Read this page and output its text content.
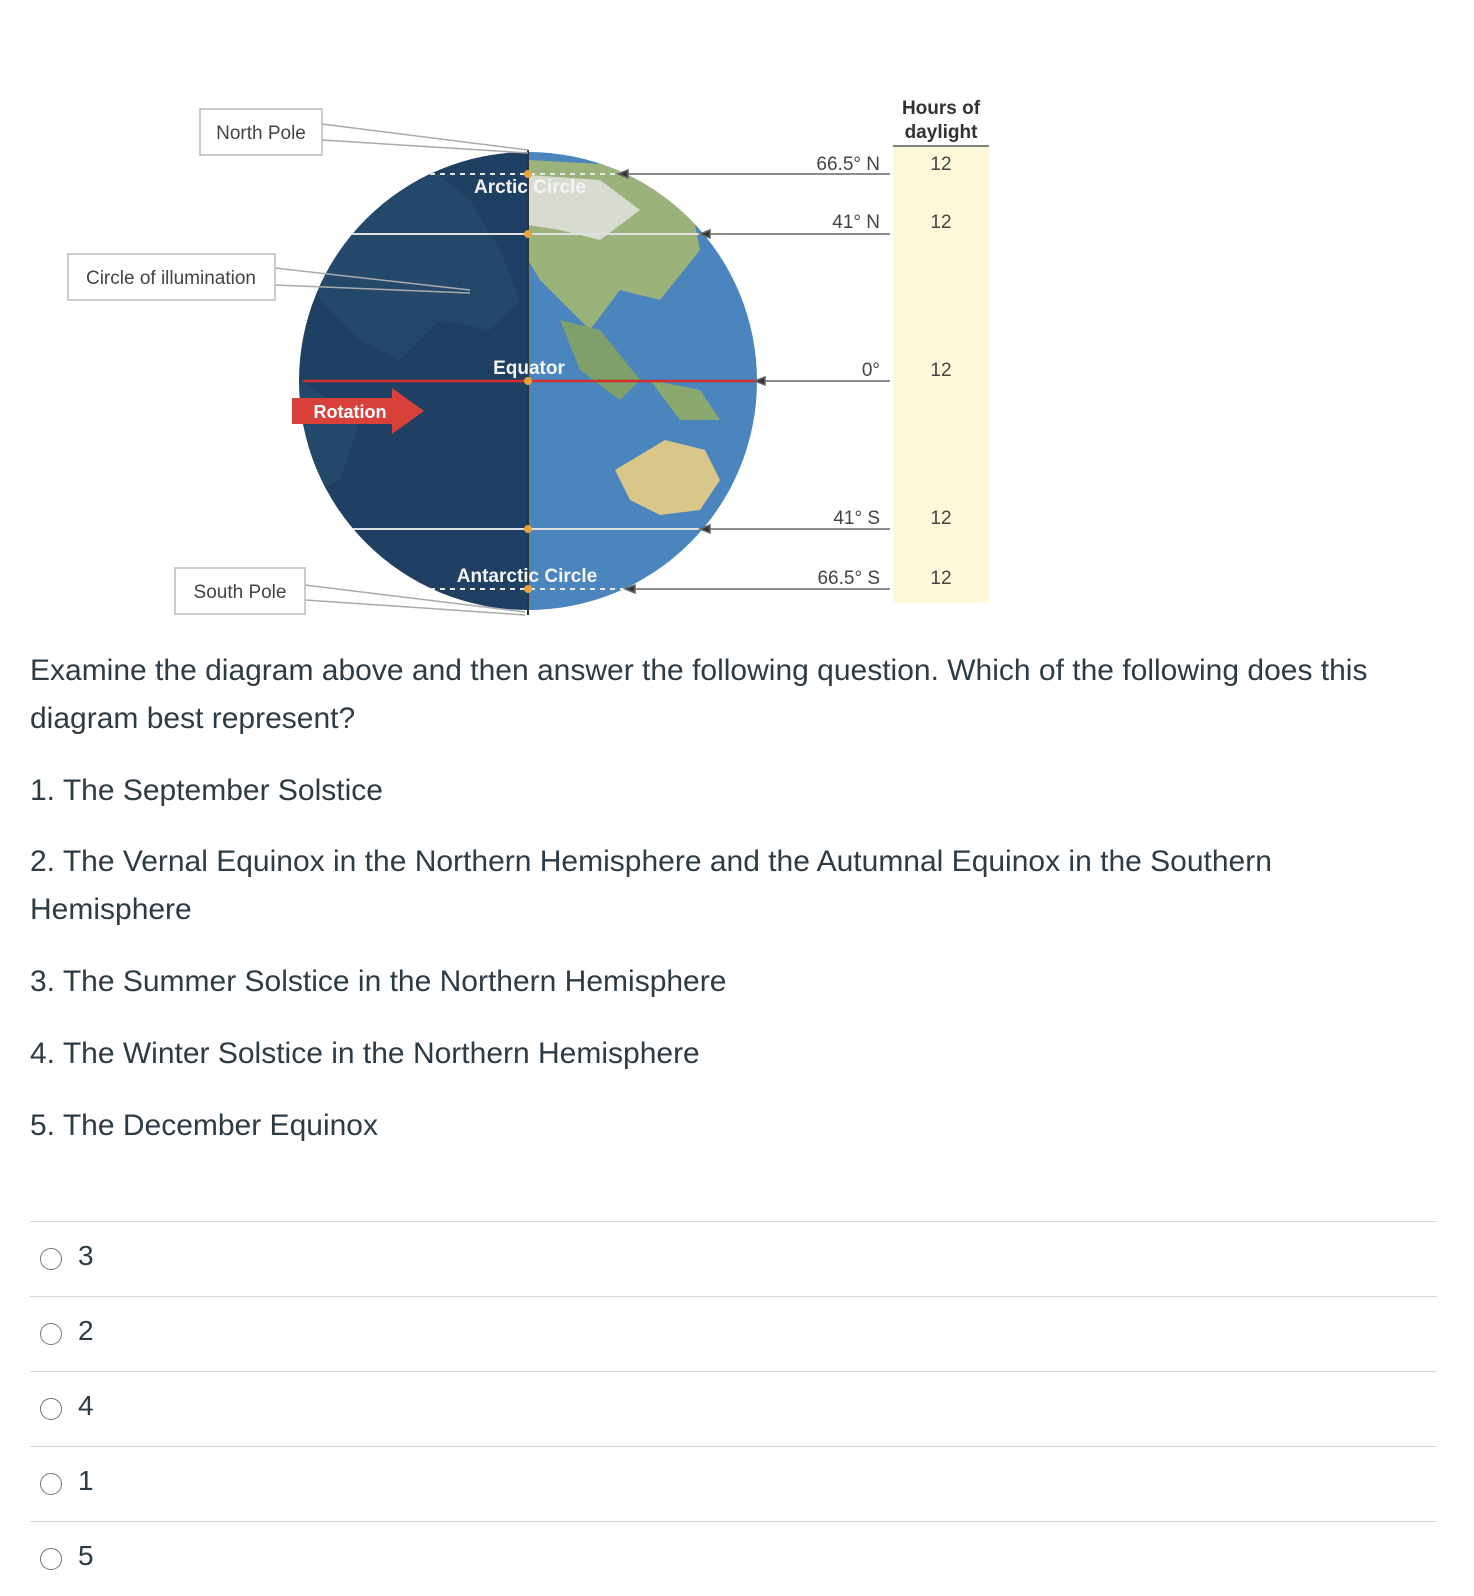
North Pole
Circle of illumination
South Pole
Rotation
Arctic Circle
Equator
Antarctic Circle
Hours of
daylight
66.5° N	12
41° N	12
0°	12
41° S	12
66.5° S	12

Examine the diagram above and then answer the following question. Which of the following does this diagram best represent?

1. The September Solstice

2. The Vernal Equinox in the Northern Hemisphere and the Autumnal Equinox in the Southern Hemisphere

3. The Summer Solstice in the Northern Hemisphere

4. The Winter Solstice in the Northern Hemisphere

5. The December Equinox

3
2
4
1
5
